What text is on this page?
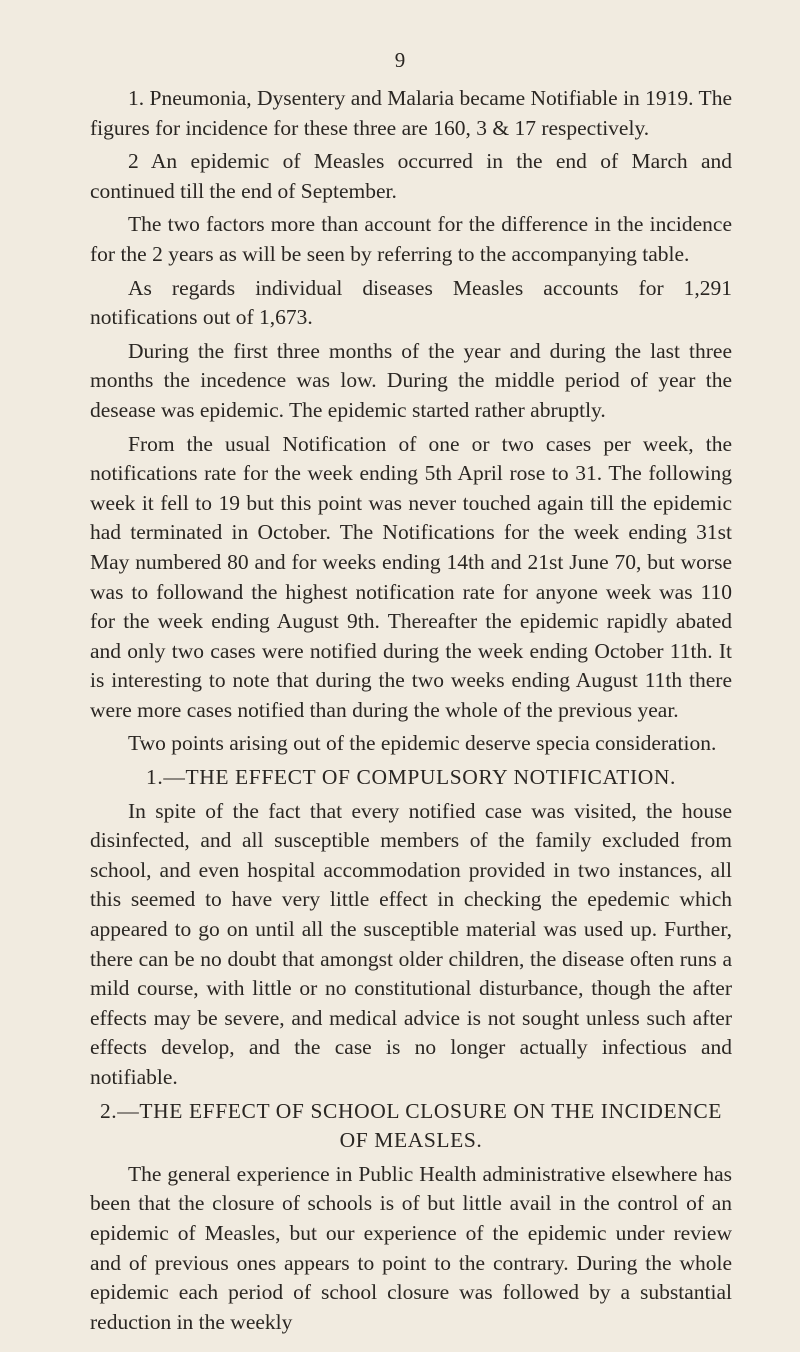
9

1. Pneumonia, Dysentery and Malaria became Notifiable in 1919. The figures for incidence for these three are 160, 3 & 17 respectively.

2 An epidemic of Measles occurred in the end of March and continued till the end of September.

The two factors more than account for the difference in the incidence for the 2 years as will be seen by referring to the accompanying table.

As regards individual diseases Measles accounts for 1,291 notifications out of 1,673.

During the first three months of the year and during the last three months the incedence was low. During the middle period of year the desease was epidemic. The epidemic started rather abruptly.

From the usual Notification of one or two cases per week, the notifications rate for the week ending 5th April rose to 31. The following week it fell to 19 but this point was never touched again till the epidemic had terminated in October. The Notifications for the week ending 31st May numbered 80 and for weeks ending 14th and 21st June 70, but worse was to followand the highest notification rate for anyone week was 110 for the week ending August 9th. Thereafter the epidemic rapidly abated and only two cases were notified during the week ending October 11th. It is interesting to note that during the two weeks ending August 11th there were more cases notified than during the whole of the previous year.

Two points arising out of the epidemic deserve specia consideration.

1.—THE EFFECT OF COMPULSORY NOTIFICATION.

In spite of the fact that every notified case was visited, the house disinfected, and all susceptible members of the family excluded from school, and even hospital accommodation provided in two instances, all this seemed to have very little effect in checking the epedemic which appeared to go on until all the susceptible material was used up. Further, there can be no doubt that amongst older children, the disease often runs a mild course, with little or no constitutional disturbance, though the after effects may be severe, and medical advice is not sought unless such after effects develop, and the case is no longer actually infectious and notifiable.

2.—THE EFFECT OF SCHOOL CLOSURE ON THE INCIDENCE OF MEASLES.

The general experience in Public Health administrative elsewhere has been that the closure of schools is of but little avail in the control of an epidemic of Measles, but our experience of the epidemic under review and of previous ones appears to point to the contrary. During the whole epidemic each period of school closure was followed by a substantial reduction in the weekly
